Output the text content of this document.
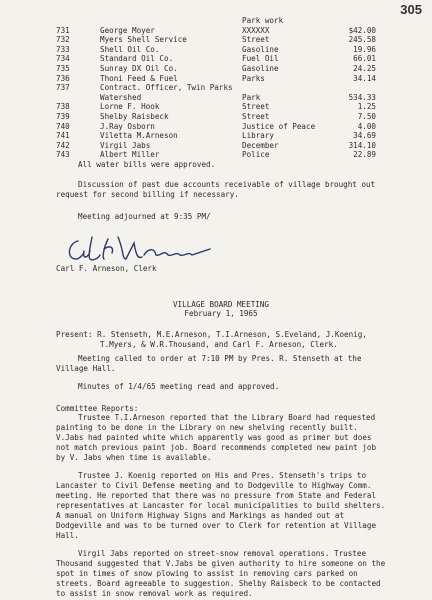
305

Park work

731	George Moyer	XXXXXX	$42.00
732	Myers Shell Service	Street	245.58
733	Shell Oil Co.	Gasoline	19.96
734	Standard Oil Co.	Fuel Oil	66.01
735	Sunray DX Oil Co.	Gasoline	24.25
736	Thoni Feed & Fuel	Parks	34.14
737	Contract. Officer, Twin Parks
Watershed	Park	534.33
738	Lorne F. Hook	Street	1.25
739	Shelby Raisbeck	Street	7.50
740	J.Ray Osborn	Justice of Peace	4.00
741	Viletta M.Arneson	Library	34.69
742	Virgil Jabs	December	314.10
743	Albert Miller	Police	22.89
All water bills were approved.

Discussion of past due accounts receivable of village brought out request for second billing if necessary.

Meeting adjourned at 9:35 PM/
Carl F. Arneson, Clerk
VILLAGE BOARD MEETING
February 1, 1965

Present: R. Stenseth, M.E.Arneson, T.I.Arneson, S.Eveland, J.Koenig, T.Myers, & W.R.Thousand, and Carl F. Arneson, Clerk.

Meeting called to order at 7:10 PM by Pres. R. Stenseth at the Village Hall.

Minutes of 1/4/65 meeting read and approved.
Committee Reports:

Trustee T.I.Arneson reported that the Library Board had requested painting to be done in the Library on new shelving recently built. V.Jabs had painted white which apparently was good as primer but does not match previous paint job. Board recommends completed new paint job by V. Jabs when time is available.

Trustee J. Koenig reported on His and Pres. Stenseth's trips to Lancaster to Civil Defense meeting and to Dodgeville to Highway Comm. meeting. He reported that there was no pressure from State and Federal representatives at Lancaster for local municipalities to build shelters. A manual on Uniform Highway Signs and Markings as handed out at Dodgeville and was to be turned over to Clerk for retention at Village Hall.

Virgil Jabs reported on street-snow removal operations. Trustee Thousand suggested that V.Jabs be given authority to hire someone on the spot in times of snow plowing to assist in removing cars parked on streets. Board agreeable to suggestion. Shelby Raisbeck to be contacted to assist in snow removal work as required.
